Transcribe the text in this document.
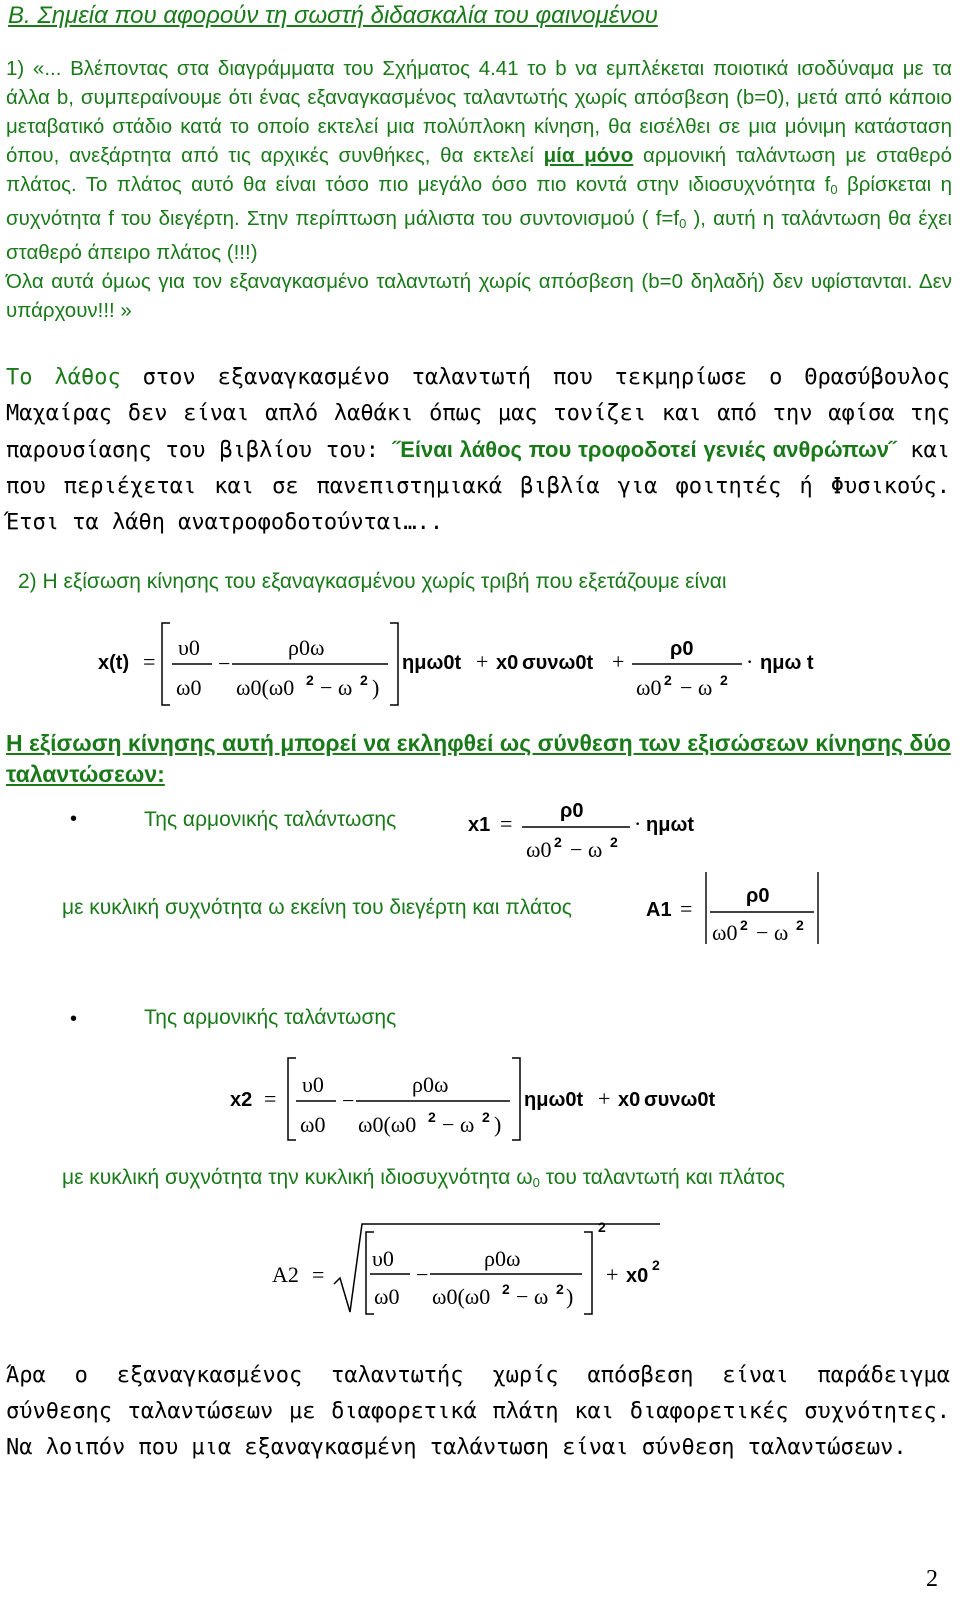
Β. Σημεία που αφορούν τη σωστή διδασκαλία του φαινομένου

1) «... Βλέποντας στα διαγράμματα του Σχήματος 4.41 το b να εμπλέκεται ποιοτικά ισοδύναμα με τα άλλα b, συμπεραίνουμε ότι ένας εξαναγκασμένος ταλαντωτής χωρίς απόσβεση (b=0), μετά από κάποιο μεταβατικό στάδιο κατά το οποίο εκτελεί μια πολύπλοκη κίνηση, θα εισέλθει σε μια μόνιμη κατάσταση όπου, ανεξάρτητα από τις αρχικές συνθήκες, θα εκτελεί μία μόνο αρμονική ταλάντωση με σταθερό πλάτος. Το πλάτος αυτό θα είναι τόσο πιο μεγάλο όσο πιο κοντά στην ιδιοσυχνότητα $f_0$ βρίσκεται η συχνότητα f του διεγέρτη. Στην περίπτωση μάλιστα του συντονισμού ( $f=f_0$ ), αυτή η ταλάντωση θα έχει σταθερό άπειρο πλάτος (!!!)

Όλα αυτά όμως για τον εξαναγκασμένο ταλαντωτή χωρίς απόσβεση (b=0 δηλαδή) δεν υφίστανται. Δεν υπάρχουν!!! »

Το λάθος στον εξαναγκασμένο ταλαντωτή που τεκμηρίωσε ο Θρασύβουλος Μαχαίρας δεν είναι απλό λαθάκι όπως μας τονίζει και από την αφίσα της παρουσίασης του βιβλίου του: ˝Είναι λάθος που τροφοδοτεί γενιές ανθρώπων˝ και που περιέχεται και σε πανεπιστημιακά βιβλία για φοιτητές ή Φυσικούς. Έτσι τα λάθη ανατροφοδοτούνται…..

2) Η εξίσωση κίνησης του εξαναγκασμένου χωρίς τριβή που εξετάζουμε είναι
x(t) =
υ0
ω0
−
ρ0ω
ω0(ω0 2 − ω 2 )
ημω0t + x0 συνω0t + ρ0
ω0 2 − ω 2
· ημω t
Η εξίσωση κίνησης αυτή μπορεί να εκληφθεί ως σύνθεση των εξισώσεων κίνησης δύο ταλαντώσεων:
•	Της αρμονικής ταλάντωσης	x1 = ρ0
ω0 2 − ω 2
· ημωt
με κυκλική συχνότητα ω εκείνη του διεγέρτη και πλάτος	A1 =	ρ0
ω0 2 − ω 2
•	Της αρμονικής ταλάντωσης
x2 =
υ0
ω0
−
ρ0ω
ω0(ω0 2 − ω 2 )
ημω0t + x0 συνω0t
με κυκλική συχνότητα την κυκλική ιδιοσυχνότητα $\omega_0$ του ταλαντωτή και πλάτος
A2 =
2
υ0
ω0
−
ρ0ω
ω0(ω0 2 − ω 2 )
+ x0 2

Άρα ο εξαναγκασμένος ταλαντωτής χωρίς απόσβεση είναι παράδειγμα σύνθεσης ταλαντώσεων με διαφορετικά πλάτη και διαφορετικές συχνότητες. Να λοιπόν που μια εξαναγκασμένη ταλάντωση είναι σύνθεση ταλαντώσεων.

2
